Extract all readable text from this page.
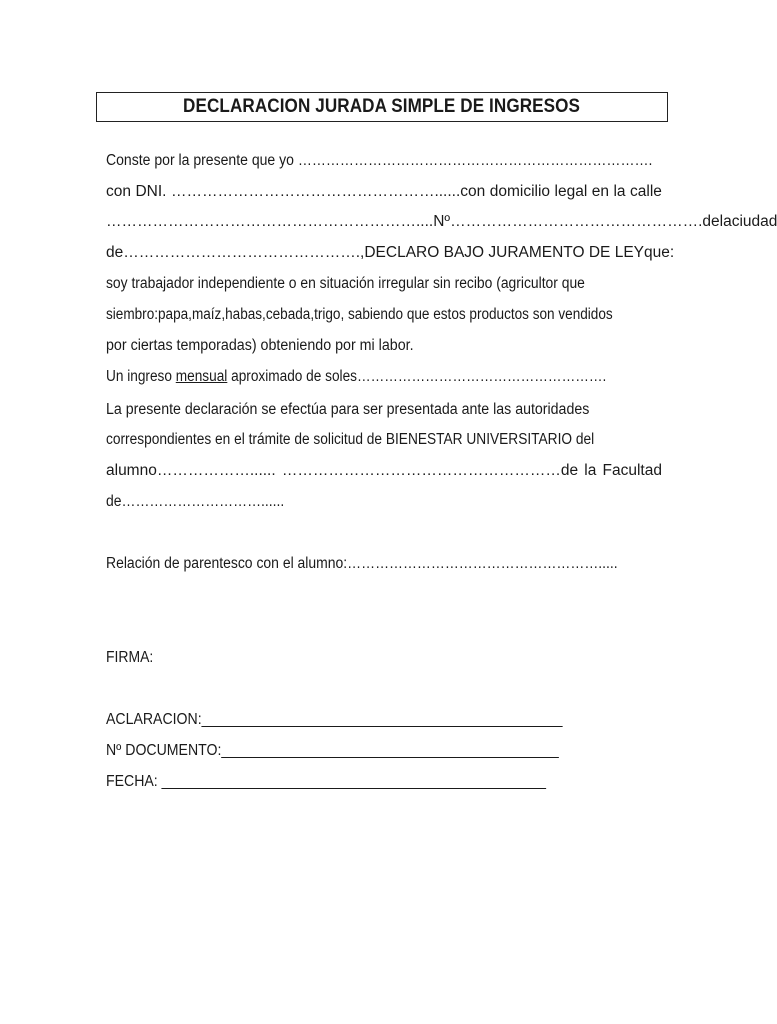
DECLARACION JURADA SIMPLE DE INGRESOS
Conste por la presente que yo ………………………………………………………………….
con DNI. ……………………………………………......con domicilio legal en la calle
……………………………………………………....Nº…………………………………………. de la ciudad
de………………………………………., DECLARO BAJO JURAMENTO DE LEY que:
soy trabajador independiente o en situación irregular sin recibo (agricultor que
siembro:papa,maíz,habas,cebada,trigo, sabiendo que estos productos son vendidos
por ciertas temporadas) obteniendo por mi labor.
Un ingreso mensual aproximado de soles……………………………………………….
La presente declaración se efectúa para ser presentada ante las autoridades
correspondientes en el trámite de solicitud de BIENESTAR UNIVERSITARIO del
alumno………………...... ………………………………………………de la Facultad
de…………………………......
Relación de parentesco con el alumno:……………………………………………….....
FIRMA:
ACLARACION:______________________________________________
Nº DOCUMENTO:___________________________________________
FECHA: _________________________________________________
